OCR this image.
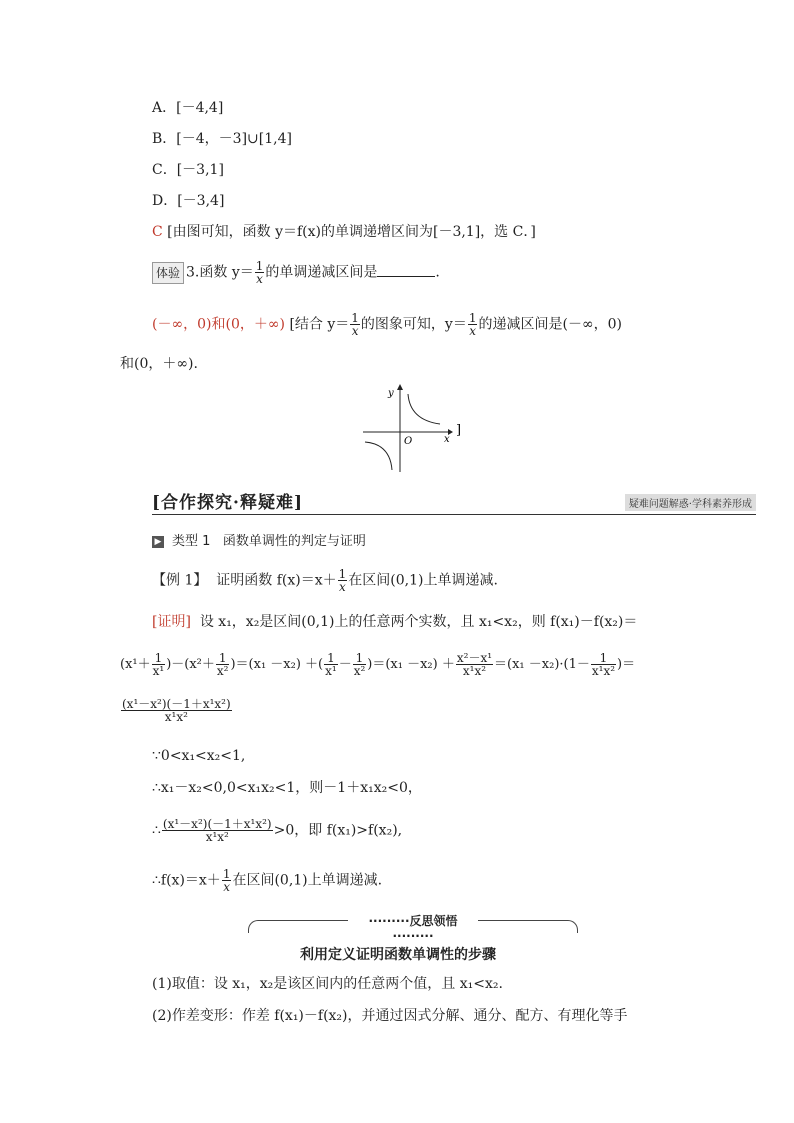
A．[－4,4]
B．[－4，－3]∪[1,4]
C．[－3,1]
D．[－3,4]
C [由图可知，函数 y＝f(x)的单调递增区间为[－3,1]，选 C．]
体验 3.函数 $y= \frac{1}{x}$ 的单调递减区间是	.
(－∞，0)和(0，＋∞) [结合 $y= \frac{1}{x}$ 的图象可知，$y= \frac{1}{x}$ 的递减区间是(－∞，0)
和(0，＋∞).
y
x
O
]
[合作探究·释疑难]	疑难问题解惑·学科素养形成
▶ 类型 1 函数单调性的判定与证明
【例 1】 证明函数 $f(x)=x+ \frac{1}{x}$ 在区间(0,1)上单调递减.
[证明] 设 x₁，x₂是区间(0,1)上的任意两个实数，且 x₁<x₂，则 f(x₁)－f(x₂)＝
$(x^1+ \frac{1}{\text{x¹}} )-(x^2+ \frac{1}{\text{x²}} )=(x_1 -x_2)$ ＋( $\frac{1}{\text{x¹}} - \frac{1}{\text{x²}} )=(x_1 -x_2) + \frac{\text{x²－x¹}}{\text{x¹x²}} =(x_1 -x_2)\cdot(1- \frac{1}{\text{x¹x²}}$ )＝
$\frac{\text{(x¹－x²)(－1＋x¹x²)}}{\text{x¹x²}}$
∵0<x₁<x₂<1,
∴x₁－x₂<0,0<x₁x₂<1，则－1＋x₁x₂<0，
∴ $\frac{\text{(x¹－x²)(－1＋x¹x²)}}{\text{x¹x²}} >0$，即 f(x₁)>f(x₂),
∴f(x)＝x＋ $\frac{1}{x}$ 在区间(0,1)上单调递减.
·········反思领悟·········
利用定义证明函数单调性的步骤
(1)取值：设 x₁，x₂是该区间内的任意两个值，且 x₁<x₂.
(2)作差变形：作差 f(x₁)－f(x₂)，并通过因式分解、通分、配方、有理化等手
